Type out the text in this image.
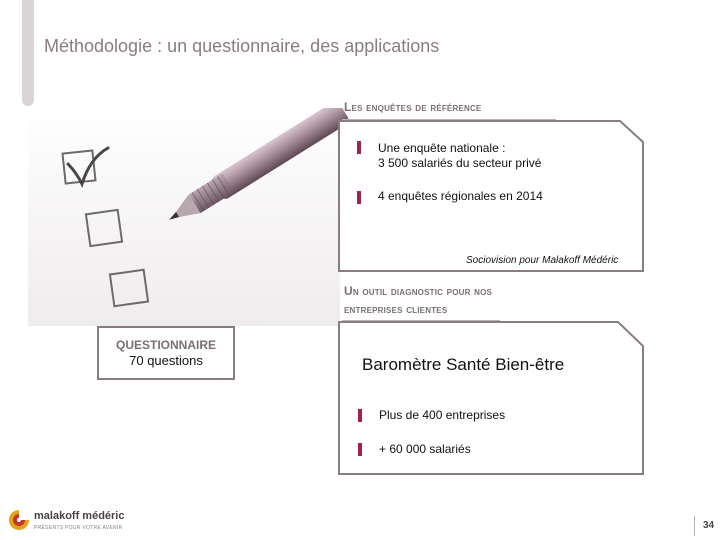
Méthodologie : un questionnaire, des applications
Les enquêtes de référence
Une enquête nationale :
3 500 salariés du secteur privé
4 enquêtes régionales en 2014
Sociovision pour Malakoff Médéric
Un outil diagnostic pour nos
entreprises clientes
Baromètre Santé Bien-être
Plus de 400 entreprises
+ 60 000 salariés
QUESTIONNAIRE
70 questions
malakoff médéric
PRÉSENTS POUR VOTRE AVENIR	34
